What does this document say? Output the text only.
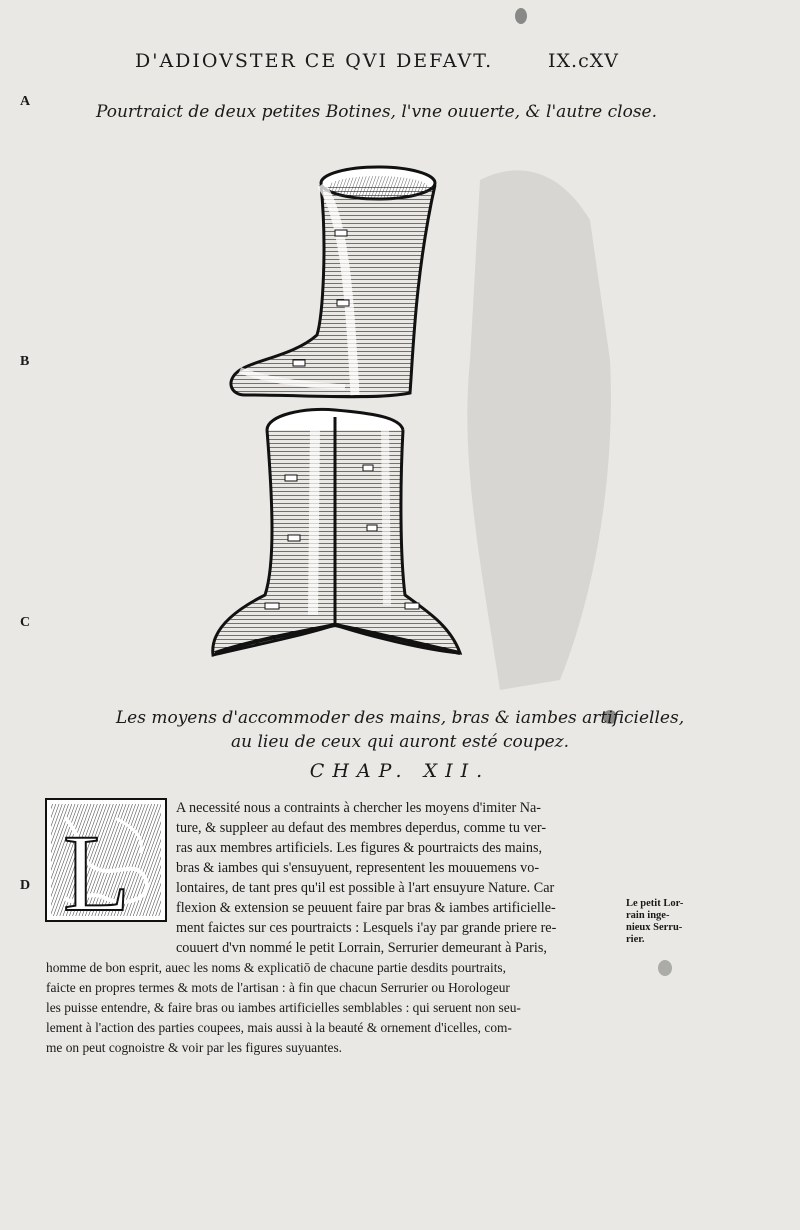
D'ADIOVSTER CE QVI DEFAVT.	IX.cXV
A
B
C
D
Pourtraict de deux petites Botines, l'vne ouuerte, & l'autre close.
Les moyens d'accommoder des mains, bras & iambes artificielles,
au lieu de ceux qui auront esté coupez.
CHAP. XII.
L
A necessité nous a contraints à chercher les moyens d'imiter Na-
ture, & suppleer au defaut des membres deperdus, comme tu ver-
ras aux membres artificiels. Les figures & pourtraicts des mains,
bras & iambes qui s'ensuyuent, representent les mouuemens vo-
lontaires, de tant pres qu'il est possible à l'art ensuyure Nature. Car
flexion & extension se peuuent faire par bras & iambes artificielle-
ment faictes sur ces pourtraicts : Lesquels i'ay par grande priere re-
couuert d'vn nommé le petit Lorrain, Serrurier demeurant à Paris,
homme de bon esprit, auec les noms & explicatiō de chacune partie desdits pourtraits,
faicte en propres termes & mots de l'artisan : à fin que chacun Serrurier ou Horologeur
les puisse entendre, & faire bras ou iambes artificielles semblables : qui seruent non seu-
lement à l'action des parties coupees, mais aussi à la beauté & ornement d'icelles, com-
me on peut cognoistre & voir par les figures suyuantes.
Le petit Lor-
rain inge-
nieux Serru-
rier.
